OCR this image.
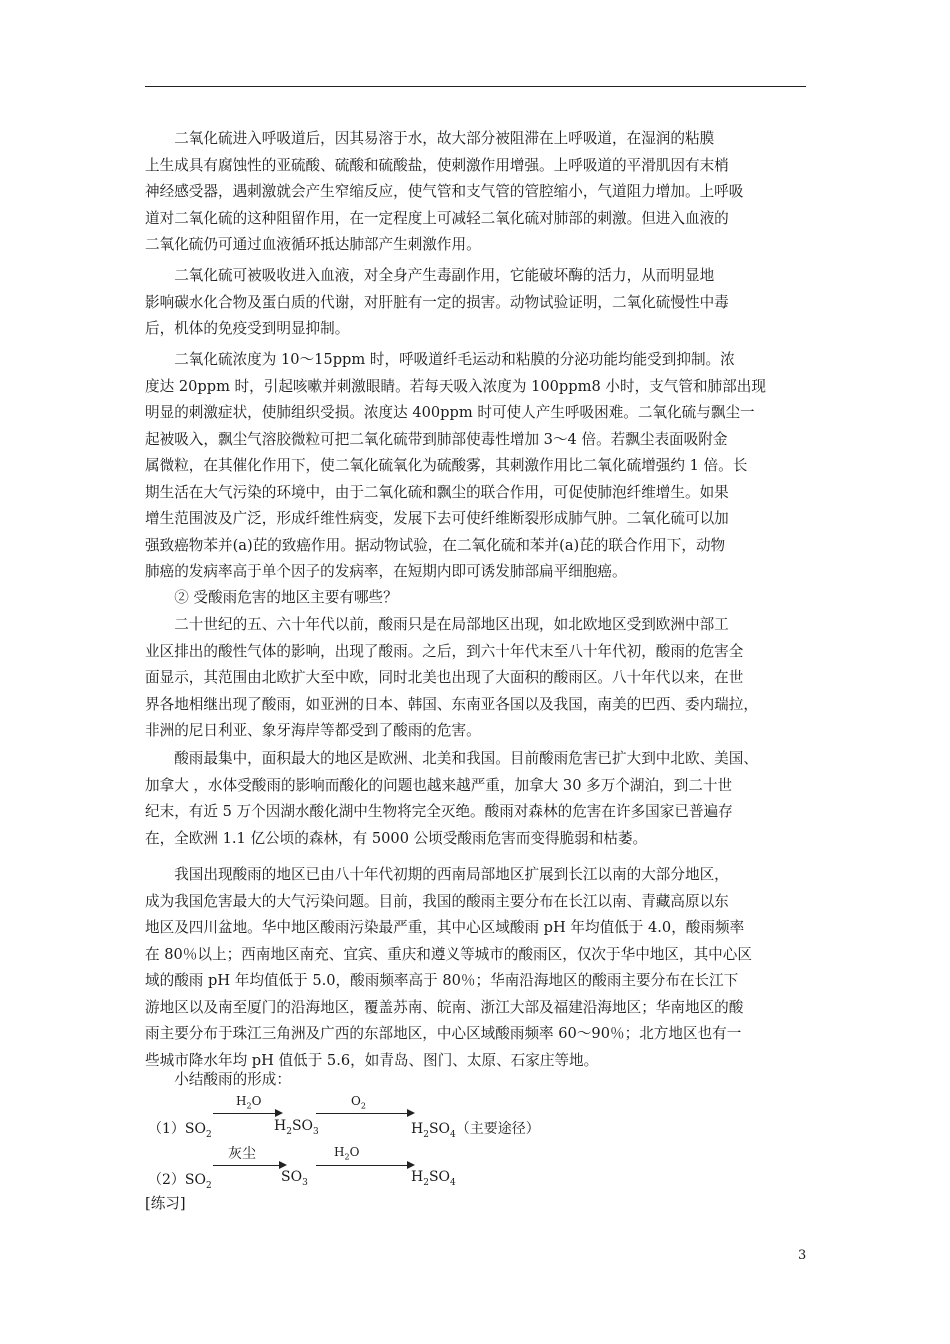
　　二氧化硫进入呼吸道后，因其易溶于水，故大部分被阻滞在上呼吸道，在湿润的粘膜
上生成具有腐蚀性的亚硫酸、硫酸和硫酸盐，使刺激作用增强。上呼吸道的平滑肌因有末梢
神经感受器，遇刺激就会产生窄缩反应，使气管和支气管的管腔缩小，气道阻力增加。上呼吸
道对二氧化硫的这种阻留作用，在一定程度上可减轻二氧化硫对肺部的刺激。但进入血液的
二氧化硫仍可通过血液循环抵达肺部产生刺激作用。
　　二氧化硫可被吸收进入血液，对全身产生毒副作用，它能破坏酶的活力，从而明显地
影响碳水化合物及蛋白质的代谢，对肝脏有一定的损害。动物试验证明，二氧化硫慢性中毒
后，机体的免疫受到明显抑制。
　　二氧化硫浓度为 10～15ppm 时，呼吸道纤毛运动和粘膜的分泌功能均能受到抑制。浓
度达 20ppm 时，引起咳嗽并刺激眼睛。若每天吸入浓度为 100ppm8 小时，支气管和肺部出现
明显的刺激症状，使肺组织受损。浓度达 400ppm 时可使人产生呼吸困难。二氧化硫与飘尘一
起被吸入，飘尘气溶胶微粒可把二氧化硫带到肺部使毒性增加 3～4 倍。若飘尘表面吸附金
属微粒，在其催化作用下，使二氧化硫氧化为硫酸雾，其刺激作用比二氧化硫增强约 1 倍。长
期生活在大气污染的环境中，由于二氧化硫和飘尘的联合作用，可促使肺泡纤维增生。如果
增生范围波及广泛，形成纤维性病变，发展下去可使纤维断裂形成肺气肿。二氧化硫可以加
强致癌物苯并(a)芘的致癌作用。据动物试验，在二氧化硫和苯并(a)芘的联合作用下，动物
肺癌的发病率高于单个因子的发病率，在短期内即可诱发肺部扁平细胞癌。
　　② 受酸雨危害的地区主要有哪些？
　　二十世纪的五、六十年代以前，酸雨只是在局部地区出现，如北欧地区受到欧洲中部工
业区排出的酸性气体的影响，出现了酸雨。之后，到六十年代末至八十年代初，酸雨的危害全
面显示，其范围由北欧扩大至中欧，同时北美也出现了大面积的酸雨区。八十年代以来，在世
界各地相继出现了酸雨，如亚洲的日本、韩国、东南亚各国以及我国，南美的巴西、委内瑞拉，
非洲的尼日利亚、象牙海岸等都受到了酸雨的危害。
　　酸雨最集中，面积最大的地区是欧洲、北美和我国。目前酸雨危害已扩大到中北欧、美国、
加拿大 ，水体受酸雨的影响而酸化的问题也越来越严重，加拿大 30 多万个湖泊，到二十世
纪末，有近 5 万个因湖水酸化湖中生物将完全灭绝。酸雨对森林的危害在许多国家已普遍存
在，全欧洲 1.1 亿公顷的森林，有 5000 公顷受酸雨危害而变得脆弱和枯萎。
　　我国出现酸雨的地区已由八十年代初期的西南局部地区扩展到长江以南的大部分地区，
成为我国危害最大的大气污染问题。目前，我国的酸雨主要分布在长江以南、青藏高原以东
地区及四川盆地。华中地区酸雨污染最严重，其中心区域酸雨 pH 年均值低于 4.0，酸雨频率
在 80％以上；西南地区南充、宜宾、重庆和遵义等城市的酸雨区，仅次于华中地区，其中心区
域的酸雨 pH 年均值低于 5.0，酸雨频率高于 80％；华南沿海地区的酸雨主要分布在长江下
游地区以及南至厦门的沿海地区，覆盖苏南、皖南、浙江大部及福建沿海地区；华南地区的酸
雨主要分布于珠江三角洲及广西的东部地区，中心区域酸雨频率 60～90％；北方地区也有一
些城市降水年均 pH 值低于 5.6，如青岛、图门、太原、石家庄等地。
　　小结酸雨的形成：
$(1)SO_2$
$H_2O$
$H_2SO_3$
$O_2$
$H_2SO_4$（主要途径）
$(2)SO_2$
灰尘
$SO_3$
$H_2O$
$H_2SO_4$
[练习]
3
